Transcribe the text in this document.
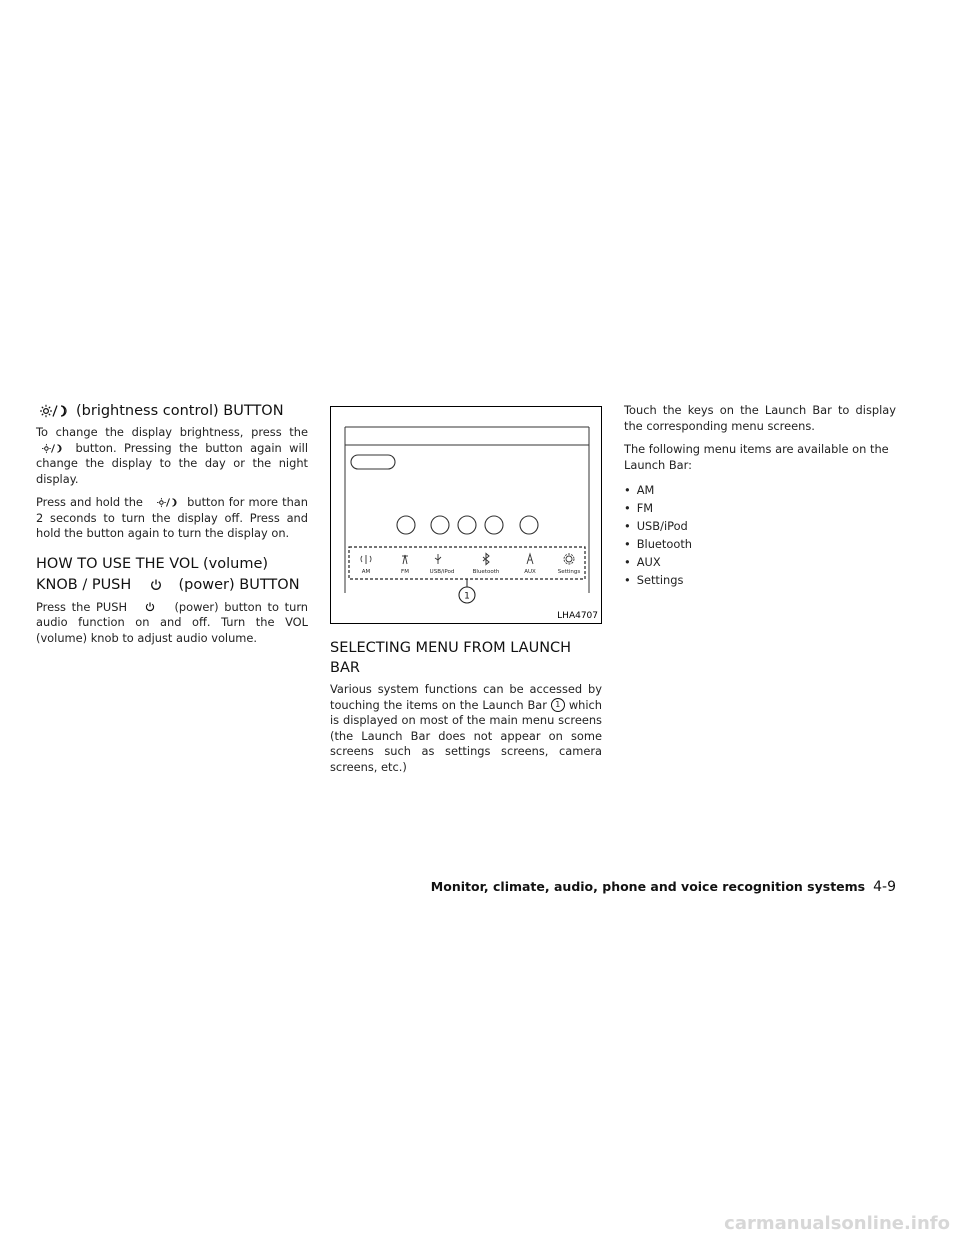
(brightness control) BUTTON

To change the display brightness, press the
button. Pressing the button again will change the display to the day or the night display.

Press and hold the	button for more than 2 seconds to turn the display off. Press and hold the button again to turn the display on.

HOW TO USE THE VOL (volume) KNOB / PUSH	(power) BUTTON

Press the PUSH	(power) button to turn audio function on and off. Turn the VOL (volume) knob to adjust audio volume.

AM	FM	USB/iPod	Bluetooth	AUX	Settings
1
LHA4707
SELECTING MENU FROM LAUNCH BAR

Various system functions can be accessed by touching the items on the Launch Bar 1 which is displayed on most of the main menu screens (the Launch Bar does not appear on some screens such as settings screens, camera screens, etc.)

Touch the keys on the Launch Bar to display the corresponding menu screens.

The following menu items are available on the Launch Bar:

• AM
• FM
• USB/iPod
• Bluetooth
• AUX
• Settings
Monitor, climate, audio, phone and voice recognition systems 4-9
carmanualsonline.info
